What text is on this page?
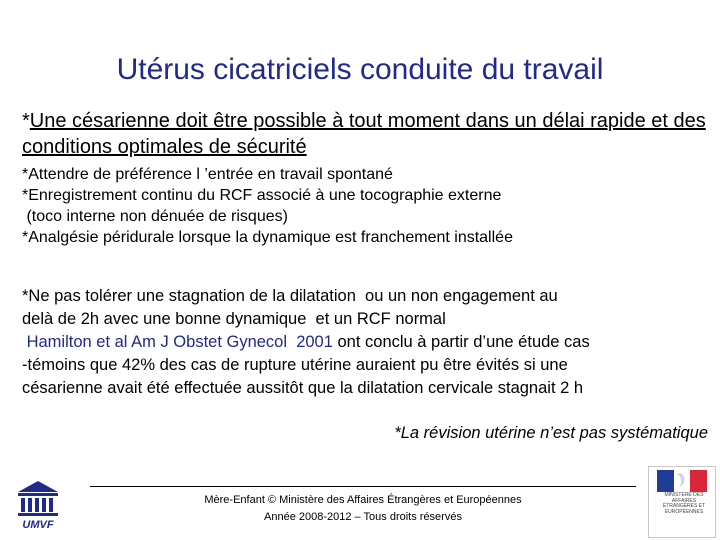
Utérus cicatriciels conduite du travail
*Une césarienne doit être possible à tout moment dans un délai rapide et des conditions optimales de sécurité
*Attendre de préférence l ’entrée en travail spontané
*Enregistrement continu du RCF associé à une tocographie externe
(toco interne non dénuée de risques)
*Analgésie péridurale lorsque la dynamique est franchement installée
*Ne pas tolérer une stagnation de la dilatation  ou un non engagement au
delà de 2h avec une bonne dynamique  et un RCF normal
Hamilton et al Am J Obstet Gynecol  2001 ont conclu à partir d’une étude cas
-témoins que 42% des cas de rupture utérine auraient pu être évités si une
césarienne avait été effectuée aussitôt que la dilatation cervicale stagnait 2 h
*La révision utérine n’est pas systématique
UMVF
Mère-Enfant © Ministère des Affaires Étrangères et Européennes
Année 2008-2012 – Tous droits réservés
MINISTÈRE DES AFFAIRES ÉTRANGÈRES ET EUROPÉENNES
